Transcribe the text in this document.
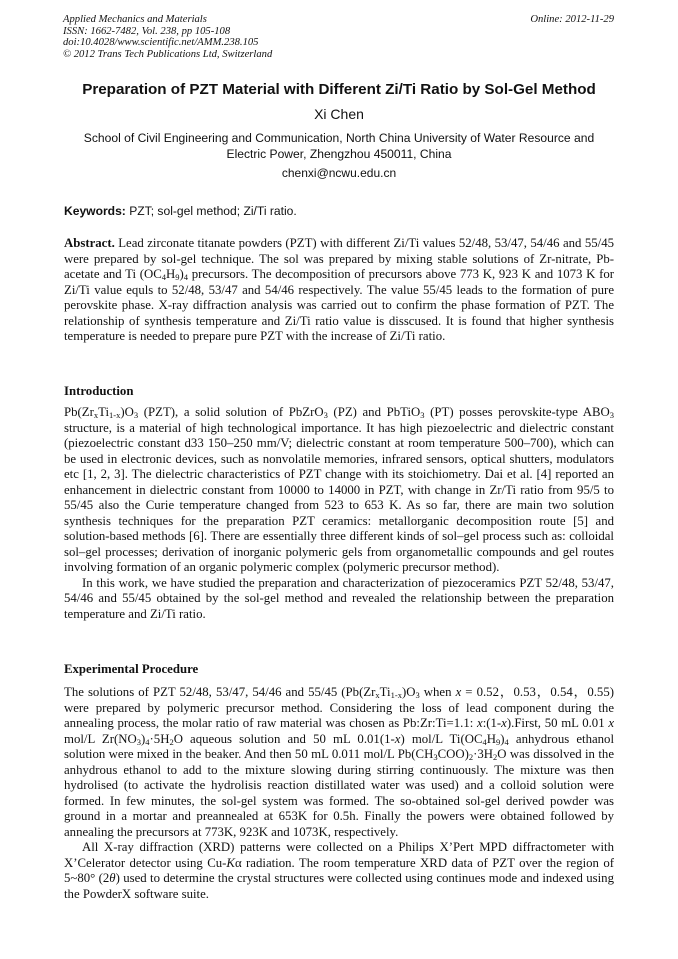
Applied Mechanics and Materials
ISSN: 1662-7482, Vol. 238, pp 105-108
doi:10.4028/www.scientific.net/AMM.238.105
© 2012 Trans Tech Publications Ltd, Switzerland
Online: 2012-11-29
Preparation of PZT Material with Different Zi/Ti Ratio by Sol-Gel Method
Xi Chen
School of Civil Engineering and Communication, North China University of Water Resource and
Electric Power, Zhengzhou 450011, China
chenxi@ncwu.edu.cn
Keywords: PZT; sol-gel method; Zi/Ti ratio.

Abstract. Lead zirconate titanate powders (PZT) with different Zi/Ti values 52/48, 53/47, 54/46 and 55/45 were prepared by sol-gel technique. The sol was prepared by mixing stable solutions of Zr-nitrate, Pb-acetate and Ti $(OC_4H_9)_4$ precursors. The decomposition of precursors above 773 K, 923 K and 1073 K for Zi/Ti value equls to 52/48, 53/47 and 54/46 respectively. The value 55/45 leads to the formation of pure perovskite phase. X-ray diffraction analysis was carried out to confirm the phase formation of PZT. The relationship of synthesis temperature and Zi/Ti ratio value is disscused. It is found that higher synthesis temperature is needed to prepare pure PZT with the increase of Zi/Ti ratio.

Introduction

$Pb(Zr_xTi_{1-x})O_3$ (PZT), a solid solution of PbZrO$_3$ (PZ) and PbTiO$_3$ (PT) posses perovskite-type $ABO_3$ structure, is a material of high technological importance. It has high piezoelectric and dielectric constant (piezoelectric constant d33 150–250 mm/V; dielectric constant at room temperature 500–700), which can be used in electronic devices, such as nonvolatile memories, infrared sensors, optical shutters, modulators etc [1, 2, 3]. The dielectric characteristics of PZT change with its stoichiometry. Dai et al. [4] reported an enhancement in dielectric constant from 10000 to 14000 in PZT, with change in Zr/Ti ratio from 95/5 to 55/45 also the Curie temperature changed from 523 to 653 K. As so far, there are main two solution synthesis techniques for the preparation PZT ceramics: metallorganic decomposition route [5] and solution-based methods [6]. There are essentially three different kinds of sol–gel process such as: colloidal sol–gel processes; derivation of inorganic polymeric gels from organometallic compounds and gel routes involving formation of an organic polymeric complex (polymeric precursor method).

In this work, we have studied the preparation and characterization of piezoceramics PZT 52/48, 53/47, 54/46 and 55/45 obtained by the sol-gel method and revealed the relationship between the preparation temperature and Zi/Ti ratio.

Experimental Procedure

The solutions of PZT 52/48, 53/47, 54/46 and 55/45 ($Pb(Zr_xTi_{1-x})O_3$ when x = 0.52，0.53，0.54，0.55) were prepared by polymeric precursor method. Considering the loss of lead component during the annealing process, the molar ratio of raw material was chosen as Pb:Zr:Ti=1.1: x:(1-x).First, 50 mL 0.01 x mol/L $Zr(NO_3)_4\cdot 5H_2O$ aqueous solution and 50 mL 0.01(1-x) mol/L $Ti(OC_4H_9)_4$ anhydrous ethanol solution were mixed in the beaker. And then 50 mL 0.011 mol/L $Pb(CH_3COO)_2\cdot 3H_2O$ was dissolved in the anhydrous ethanol to add to the mixture slowing during stirring continuously. The mixture was then hydrolised (to activate the hydrolisis reaction distillated water was used) and a colloid solution were formed. In few minutes, the sol-gel system was formed. The so-obtained sol-gel derived powder was ground in a mortar and preannealed at 653K for 0.5h. Finally the powers were obtained followed by annealing the precursors at 773K, 923K and 1073K, respectively.

All X-ray diffraction (XRD) patterns were collected on a Philips X’Pert MPD diffractometer with X’Celerator detector using Cu-Kα radiation. The room temperature XRD data of PZT over the region of 5~80° (2θ) used to determine the crystal structures were collected using continues mode and indexed using the PowderX software suite.
